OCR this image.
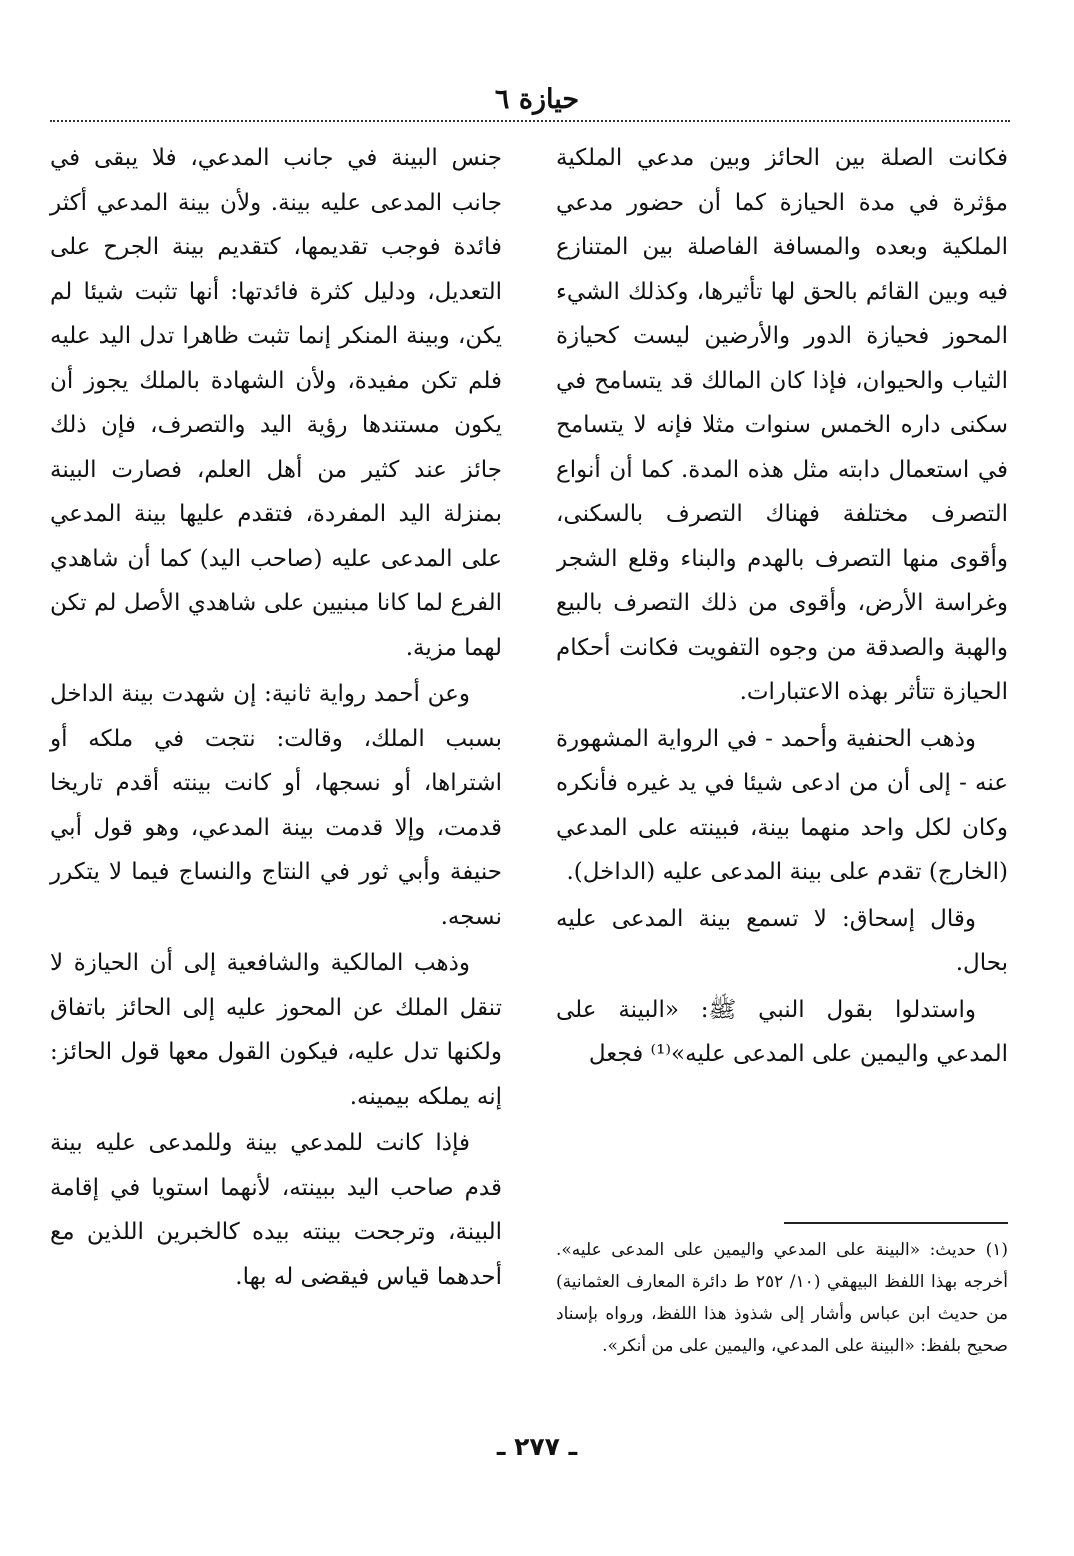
حيازة ٦

فكانت الصلة بين الحائز وبين مدعي الملكية مؤثرة في مدة الحيازة كما أن حضور مدعي الملكية وبعده والمسافة الفاصلة بين المتنازع فيه وبين القائم بالحق لها تأثيرها، وكذلك الشيء المحوز فحيازة الدور والأرضين ليست كحيازة الثياب والحيوان، فإذا كان المالك قد يتسامح في سكنى داره الخمس سنوات مثلا فإنه لا يتسامح في استعمال دابته مثل هذه المدة. كما أن أنواع التصرف مختلفة فهناك التصرف بالسكنى، وأقوى منها التصرف بالهدم والبناء وقلع الشجر وغراسة الأرض، وأقوى من ذلك التصرف بالبيع والهبة والصدقة من وجوه التفويت فكانت أحكام الحيازة تتأثر بهذه الاعتبارات.

وذهب الحنفية وأحمد - في الرواية المشهورة عنه - إلى أن من ادعى شيئا في يد غيره فأنكره وكان لكل واحد منهما بينة، فبينته على المدعي (الخارج) تقدم على بينة المدعى عليه (الداخل).

وقال إسحاق: لا تسمع بينة المدعى عليه بحال.

واستدلوا بقول النبي ﷺ: «البينة على المدعي واليمين على المدعى عليه»⁽¹⁾ فجعل

(١) حديث: «البينة على المدعي واليمين على المدعى عليه». أخرجه بهذا اللفظ البيهقي (١٠/ ٢٥٢ ط دائرة المعارف العثمانية) من حديث ابن عباس وأشار إلى شذوذ هذا اللفظ، ورواه بإسناد صحيح بلفظ: «البينة على المدعي، واليمين على من أنكر».

جنس البينة في جانب المدعي، فلا يبقى في جانب المدعى عليه بينة. ولأن بينة المدعي أكثر فائدة فوجب تقديمها، كتقديم بينة الجرح على التعديل، ودليل كثرة فائدتها: أنها تثبت شيئا لم يكن، وبينة المنكر إنما تثبت ظاهرا تدل اليد عليه فلم تكن مفيدة، ولأن الشهادة بالملك يجوز أن يكون مستندها رؤية اليد والتصرف، فإن ذلك جائز عند كثير من أهل العلم، فصارت البينة بمنزلة اليد المفردة، فتقدم عليها بينة المدعي على المدعى عليه (صاحب اليد) كما أن شاهدي الفرع لما كانا مبنيين على شاهدي الأصل لم تكن لهما مزية.

وعن أحمد رواية ثانية: إن شهدت بينة الداخل بسبب الملك، وقالت: نتجت في ملكه أو اشتراها، أو نسجها، أو كانت بينته أقدم تاريخا قدمت، وإلا قدمت بينة المدعي، وهو قول أبي حنيفة وأبي ثور في النتاج والنساج فيما لا يتكرر نسجه.

وذهب المالكية والشافعية إلى أن الحيازة لا تنقل الملك عن المحوز عليه إلى الحائز باتفاق ولكنها تدل عليه، فيكون القول معها قول الحائز: إنه يملكه بيمينه.

فإذا كانت للمدعي بينة وللمدعى عليه بينة قدم صاحب اليد ببينته، لأنهما استويا في إقامة البينة، وترجحت بينته بيده كالخبرين اللذين مع أحدهما قياس فيقضى له بها.

ـ ٢٧٧ ـ
